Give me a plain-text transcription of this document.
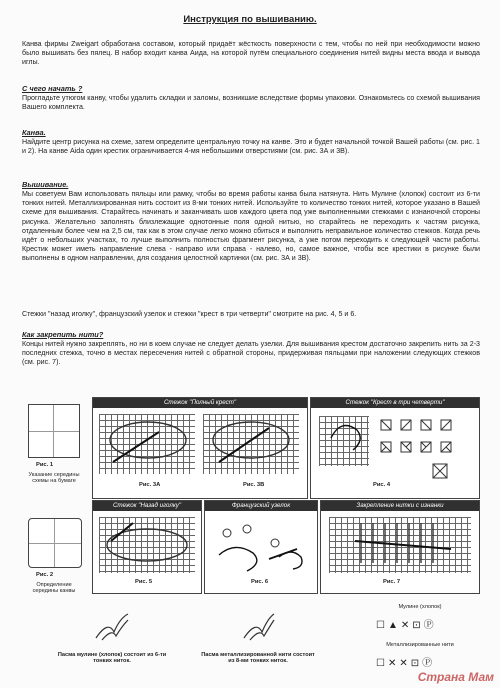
Инструкция по вышиванию.
Канва фирмы Zweigart обработана составом, который придаёт жёсткость поверхности с тем, чтобы по ней при необходимости можно было вышивать без пялец. В набор входит канва Аида, на которой путём специального соединения нитей видны места ввода и вывода иглы.
С чего начать ?
Прогладьте утюгом канву, чтобы удалить складки и заломы, возникшие вследствие формы упаковки. Ознакомьтесь со схемой вышивания Вашего комплекта.
Канва.
Найдите центр рисунка на схеме, затем определите центральную точку на канве. Это и будет начальной точкой Вашей работы (см. рис. 1 и 2). На канве Aida один крестик ограничивается 4-мя небольшими отверстиями (см. рис. 3А и 3В).
Вышивание.
Мы советуем Вам использовать пяльцы или рамку, чтобы во время работы канва была натянута. Нить Мулине (хлопок) состоит из 6-ти тонких нитей. Металлизированная нить состоит из 8-ми тонких нитей. Используйте то количество тонких нитей, которое указано в Вашей схеме для вышивания. Старайтесь начинать и заканчивать шов каждого цвета под уже выполненными стежками с изнаночной стороны рисунка. Желательно заполнять близлежащие однотонные поля одной нитью, но старайтесь не переходить к частям рисунка, отдаленным более чем на 2,5 см, так как в этом случае легко можно сбиться и выполнить неправильное количество стежков. Когда речь идёт о небольших участках, то лучше выполнить полностью фрагмент рисунка, а уже потом переходить к следующей части работы. Крестик может иметь направление слева - направо или справа - налево, но, самое важное, чтобы все крестики в рисунке были выполнены в одном направлении, для создания целостной картинки (см. рис. 3А и 3В).
Стежки "назад иголку", французский узелок и стежки "крест в три четверти" смотрите на рис. 4, 5 и 6.
Как закрепить нити?
Концы нитей нужно закреплять, но ни в коем случае не следует делать узелки. Для вышивания крестом достаточно закрепить нить за 2-3 последних стежка, точно в местах пересечения нитей с обратной стороны, придерживая пяльцами при наложении следующих стежков (см. рис. 7).
Рис. 1
Указание середины схемы на бумаге
Рис. 2
Определение середины канвы
Стежок "Полный крест"
Рис. 3А	Рис. 3В
Стежок "Крест в три четверти"
Рис. 4
Стежок "Назад иголку"
Рис. 5
Французский узелок
Рис. 6
Закрепление нитки с изнанки
Рис. 7
Пасма мулине (хлопок) состоит из 6-ти тонких ниток.
Пасма металлизированной нити состоит из 8-ми тонких ниток.
Мулине (хлопок)
☐▲✕⊡Ⓟ
Металлизированные нити
☐✕✕⊡Ⓟ
Страна Мам
